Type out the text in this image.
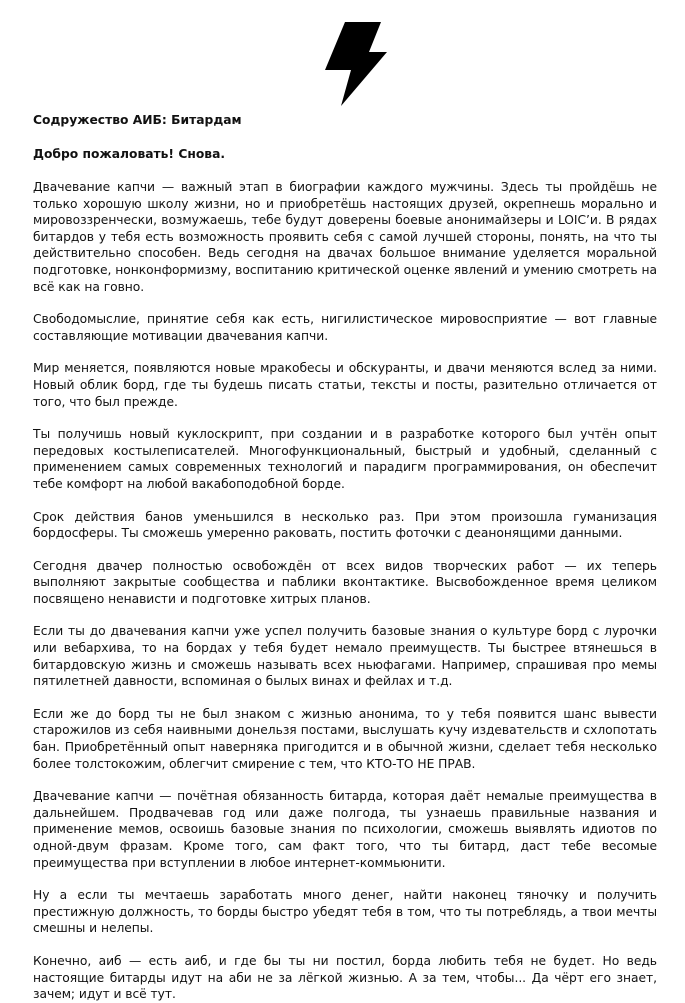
Содружество АИБ: Битардам
Добро пожаловать! Снова.

Двачевание капчи — важный этап в биографии каждого мужчины. Здесь ты пройдёшь не только хорошую школу жизни, но и приобретёшь настоящих друзей, окрепнешь морально и мировоззренчески, возмужаешь, тебе будут доверены боевые анонимайзеры и LOIC’и. В рядах битардов у тебя есть возможность проявить себя с самой лучшей стороны, понять, на что ты действительно способен. Ведь сегодня на двачах большое внимание уделяется моральной подготовке, нонконформизму, воспитанию критической оценке явлений и умению смотреть на всё как на говно.

Свободомыслие, принятие себя как есть, нигилистическое мировосприятие — вот главные составляющие мотивации двачевания капчи.

Мир меняется, появляются новые мракобесы и обскуранты, и двачи меняются вслед за ними. Новый облик борд, где ты будешь писать статьи, тексты и посты, разительно отличается от того, что был прежде.

Ты получишь новый куклоскрипт, при создании и в разработке которого был учтён опыт передовых костылеписателей. Многофункциональный, быстрый и удобный, сделанный с применением самых современных технологий и парадигм программирования, он обеспечит тебе комфорт на любой вакабоподобной борде.

Срок действия банов уменьшился в несколько раз. При этом произошла гуманизация бордосферы. Ты сможешь умеренно раковать, постить фоточки с деанонящими данными.

Сегодня двачер полностью освобождён от всех видов творческих работ — их теперь выполняют закрытые сообщества и паблики вконтактике. Высвобожденное время целиком посвящено ненависти и подготовке хитрых планов.

Если ты до двачевания капчи уже успел получить базовые знания о культуре борд с лурочки или вебархива, то на бордах у тебя будет немало преимуществ. Ты быстрее втянешься в битардовскую жизнь и сможешь называть всех ньюфагами. Например, спрашивая про мемы пятилетней давности, вспоминая о былых винах и фейлах и т.д.

Если же до борд ты не был знаком с жизнью анонима, то у тебя появится шанс вывести старожилов из себя наивными донельзя постами, выслушать кучу издевательств и схлопотать бан. Приобретённый опыт наверняка пригодится и в обычной жизни, сделает тебя несколько более толстокожим, облегчит смирение с тем, что КТО-ТО НЕ ПРАВ.

Двачевание капчи — почётная обязанность битарда, которая даёт немалые преимущества в дальнейшем. Продвачевав год или даже полгода, ты узнаешь правильные названия и применение мемов, освоишь базовые знания по психологии, сможешь выявлять идиотов по одной-двум фразам. Кроме того, сам факт того, что ты битард, даст тебе весомые преимущества при вступлении в любое интернет-коммьюнити.

Ну а если ты мечтаешь заработать много денег, найти наконец тяночку и получить престижную должность, то борды быстро убедят тебя в том, что ты потреблядь, а твои мечты смешны и нелепы.

Конечно, аиб — есть аиб, и где бы ты ни постил, борда любить тебя не будет. Но ведь настоящие битарды идут на аби не за лёгкой жизнью. А за тем, чтобы... Да чёрт его знает, зачем; идут и всё тут.
